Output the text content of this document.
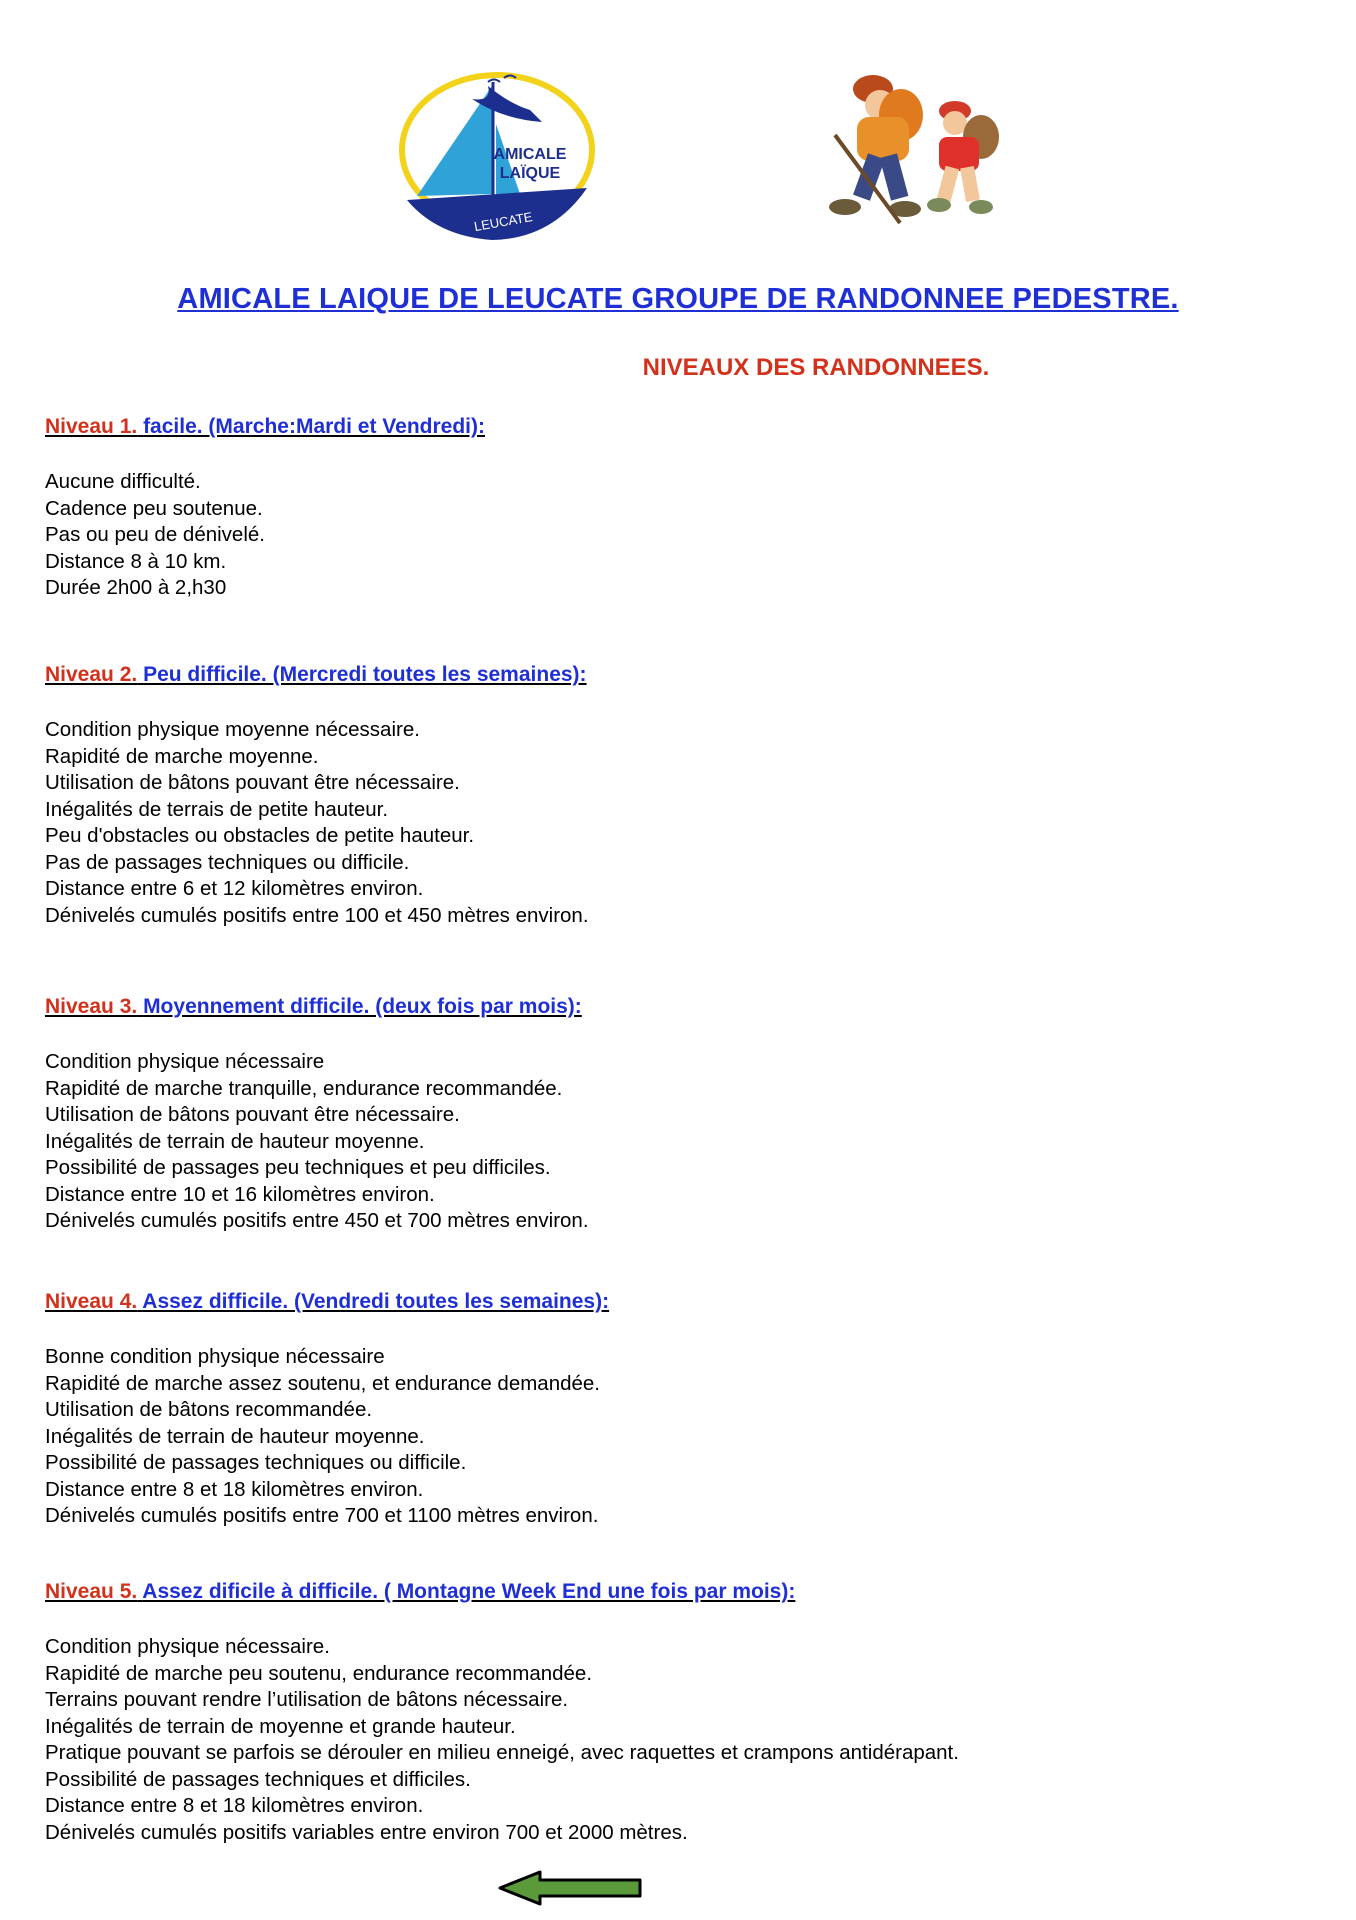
AMICALE
LAÏQUE
LEUCATE
AMICALE LAIQUE DE LEUCATE GROUPE DE RANDONNEE PEDESTRE.
NIVEAUX DES RANDONNEES.
Niveau 1. facile. (Marche:Mardi et Vendredi):
Aucune difficulté.
Cadence peu soutenue.
Pas ou peu de dénivelé.
Distance 8 à 10 km.
Durée 2h00 à 2,h30
Niveau 2. Peu difficile. (Mercredi toutes les semaines):
Condition physique moyenne nécessaire.
Rapidité de marche moyenne.
Utilisation de bâtons pouvant être nécessaire.
Inégalités de terrais de petite hauteur.
Peu d'obstacles ou obstacles de petite hauteur.
Pas de passages techniques ou difficile.
Distance entre 6 et 12 kilomètres environ.
Dénivelés cumulés positifs entre 100 et 450 mètres environ.
Niveau 3. Moyennement difficile. (deux fois par mois):
Condition physique nécessaire
Rapidité de marche tranquille, endurance recommandée.
Utilisation de bâtons pouvant être nécessaire.
Inégalités de terrain de hauteur moyenne.
Possibilité de passages peu techniques et peu difficiles.
Distance entre 10 et 16 kilomètres environ.
Dénivelés cumulés positifs entre 450 et 700 mètres environ.
Niveau 4. Assez difficile. (Vendredi toutes les semaines):
Bonne condition physique nécessaire
Rapidité de marche assez soutenu, et endurance demandée.
Utilisation de bâtons recommandée.
Inégalités de terrain de hauteur moyenne.
Possibilité de passages techniques ou difficile.
Distance entre 8 et 18 kilomètres environ.
Dénivelés cumulés positifs entre 700 et 1100 mètres environ.
Niveau 5. Assez dificile à difficile. ( Montagne Week End une fois par mois):
Condition physique nécessaire.
Rapidité de marche peu soutenu, endurance recommandée.
Terrains pouvant rendre l’utilisation de bâtons nécessaire.
Inégalités de terrain de moyenne et grande hauteur.
Pratique pouvant se parfois se dérouler en milieu enneigé, avec raquettes et crampons antidérapant.
Possibilité de passages techniques et difficiles.
Distance entre 8 et 18 kilomètres environ.
Dénivelés cumulés positifs variables entre environ 700 et 2000 mètres.
